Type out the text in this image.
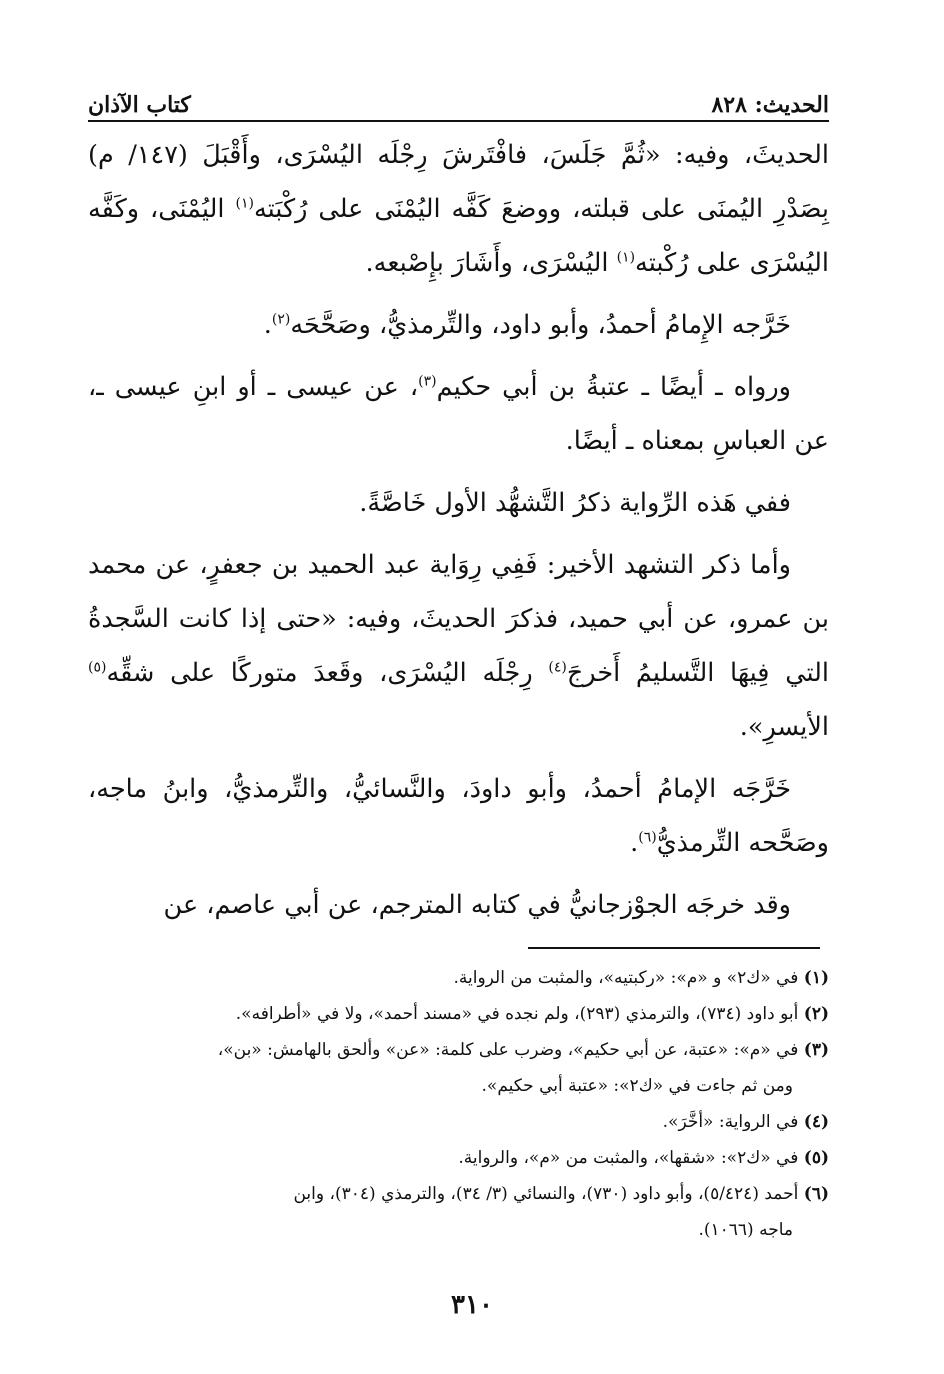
الحديث: ٨٢٨
كتاب الآذان

الحديثَ، وفيه: «ثُمَّ جَلَسَ، فافْتَرشَ رِجْلَه اليُسْرَى، وأَقْبَلَ (١٤٧/ م) بِصَدْرِ اليُمنَى على قبلته، ووضعَ كَفَّه اليُمْنَى على رُكْبَته$^{(١)}$ اليُمْنَى، وكَفَّه اليُسْرَى على رُكْبته$^{(١)}$ اليُسْرَى، وأَشَارَ بإِصْبعه.

خَرَّجه الإِمامُ أحمدُ، وأبو داود، والتِّرمذيُّ، وصَحَّحَه$^{(٢)}$.

ورواه ـ أيضًا ـ عتبةُ بن أبي حكيم$^{(٣)}$، عن عيسى ـ أو ابنِ عيسى ـ، عن العباسِ بمعناه ـ أيضًا.

ففي هَذه الرِّواية ذكرُ التَّشهُّد الأول خَاصَّةً.

وأما ذكر التشهد الأخير: فَفِي رِوَاية عبد الحميد بن جعفرٍ، عن محمد بن عمرو، عن أبي حميد، فذكرَ الحديثَ، وفيه: «حتى إذا كانت السَّجدةُ التي فِيهَا التَّسليمُ أَخرجَ$^{(٤)}$ رِجْلَه اليُسْرَى، وقَعدَ متوركًا على شقِّه$^{(٥)}$ الأيسرِ».

خَرَّجَه الإمامُ أحمدُ، وأبو داودَ، والنَّسائيُّ، والتِّرمذيُّ، وابنُ ماجه، وصَحَّحه التِّرمذيُّ$^{(٦)}$.

وقد خرجَه الجوْزجانيُّ في كتابه المترجم، عن أبي عاصم، عن

(١) في «ك٢» و «م»: «ركبتيه»، والمثبت من الرواية.
(٢) أبو داود (٧٣٤)، والترمذي (٢٩٣)، ولم نجده في «مسند أحمد»، ولا في «أطرافه».
(٣) في «م»: «عتبة، عن أبي حكيم»، وضرب على كلمة: «عن» وألحق بالهامش: «بن»،
ومن ثم جاءت في «ك٢»: «عتبة أبي حكيم».
(٤) في الرواية: «أخَّرَ».
(٥) في «ك٢»: «شقها»، والمثبت من «م»، والرواية.
(٦) أحمد (٥/٤٢٤)، وأبو داود (٧٣٠)، والنسائي (٣/ ٣٤)، والترمذي (٣٠٤)، وابن
ماجه (١٠٦٦).
٣١٠
